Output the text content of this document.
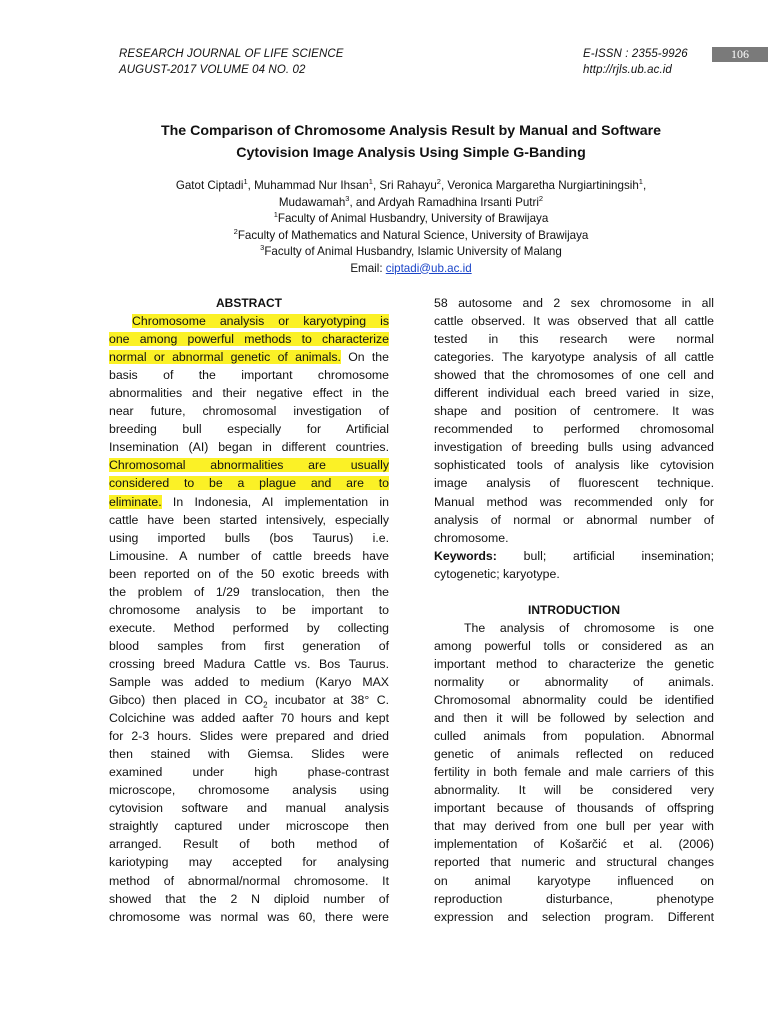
RESEARCH JOURNAL OF LIFE SCIENCE
AUGUST-2017 VOLUME 04 NO. 02
E-ISSN : 2355-9926
http://rjls.ub.ac.id
106
The Comparison of Chromosome Analysis Result by Manual and Software
Cytovision Image Analysis Using Simple G-Banding
Gatot Ciptadi$^1$, Muhammad Nur Ihsan$^1$, Sri Rahayu$^2$, Veronica Margaretha Nurgiartiningsih$^1$,
Mudawamah$^3$, and Ardyah Ramadhina Irsanti Putri$^2$
$^1$Faculty of Animal Husbandry, University of Brawijaya
$^2$Faculty of Mathematics and Natural Science, University of Brawijaya
$^3$Faculty of Animal Husbandry, Islamic University of Malang
Email: ciptadi@ub.ac.id
ABSTRACT
Chromosome analysis or karyotyping is
one among powerful methods to characterize
normal or abnormal genetic of animals. On the
basis of the important chromosome
abnormalities and their negative effect in the
near future, chromosomal investigation of
breeding bull especially for Artificial
Insemination (AI) began in different countries.
Chromosomal abnormalities are usually
considered to be a plague and are to
eliminate. In Indonesia, AI implementation in
cattle have been started intensively, especially
using imported bulls (bos Taurus) i.e.
Limousine. A number of cattle breeds have
been reported on of the 50 exotic breeds with
the problem of 1/29 translocation, then the
chromosome analysis to be important to
execute. Method performed by collecting
blood samples from first generation of
crossing breed Madura Cattle vs. Bos Taurus.
Sample was added to medium (Karyo MAX
Gibco) then placed in $CO_2$ incubator at 38° C.
Colcichine was added aafter 70 hours and kept
for 2-3 hours. Slides were prepared and dried
then stained with Giemsa. Slides were
examined under high phase-contrast
microscope, chromosome analysis using
cytovision software and manual analysis
straightly captured under microscope then
arranged. Result of both method of
kariotyping may accepted for analysing
method of abnormal/normal chromosome. It
showed that the 2 N diploid number of
chromosome was normal was 60, there were
58 autosome and 2 sex chromosome in all
cattle observed. It was observed that all cattle
tested in this research were normal
categories. The karyotype analysis of all cattle
showed that the chromosomes of one cell and
different individual each breed varied in size,
shape and position of centromere. It was
recommended to performed chromosomal
investigation of breeding bulls using advanced
sophisticated tools of analysis like cytovision
image analysis of fluorescent technique.
Manual method was recommended only for
analysis of normal or abnormal number of
chromosome.
Keywords: bull; artificial insemination;
cytogenetic; karyotype.
INTRODUCTION
The analysis of chromosome is one
among powerful tolls or considered as an
important method to characterize the genetic
normality or abnormality of animals.
Chromosomal abnormality could be identified
and then it will be followed by selection and
culled animals from population. Abnormal
genetic of animals reflected on reduced
fertility in both female and male carriers of this
abnormality. It will be considered very
important because of thousands of offspring
that may derived from one bull per year with
implementation of Košarčić et al. (2006)
reported that numeric and structural changes
on animal karyotype influenced on
reproduction disturbance, phenotype
expression and selection program. Different
